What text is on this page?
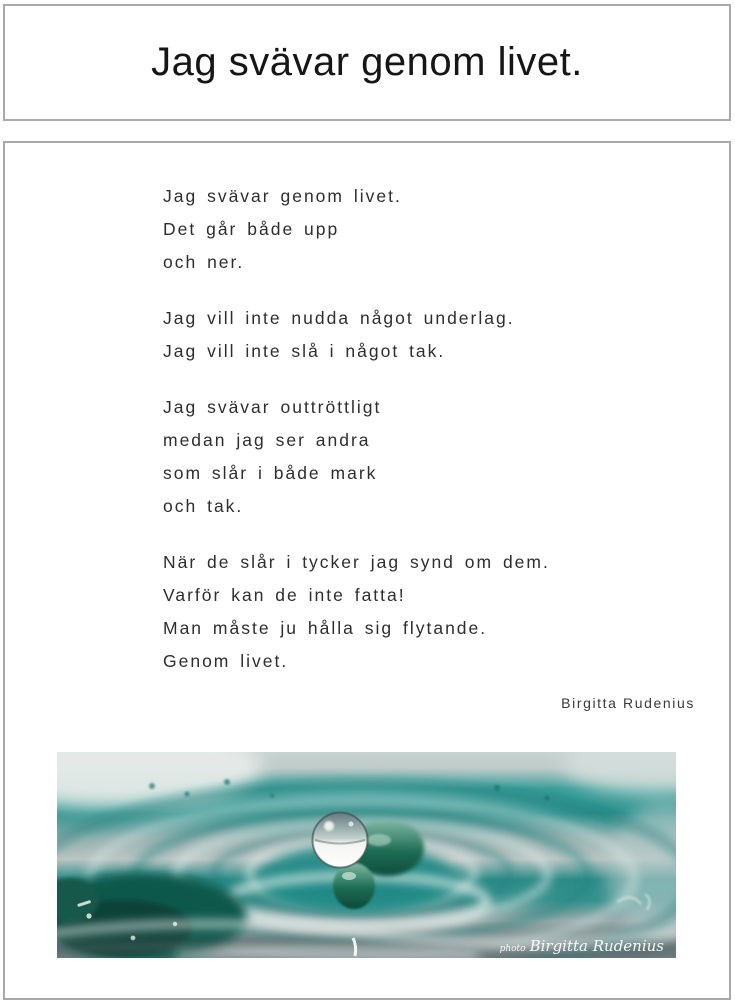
Jag svävar genom livet.
Jag svävar genom livet.
Det går både upp
och ner.
Jag vill inte nudda något underlag.
Jag vill inte slå i något tak.
Jag svävar outtröttligt
medan jag ser andra
som slår i både mark
och tak.
När de slår i tycker jag synd om dem.
Varför kan de inte fatta!
Man måste ju hålla sig flytande.
Genom livet.
Birgitta Rudenius
photo Birgitta Rudenius
